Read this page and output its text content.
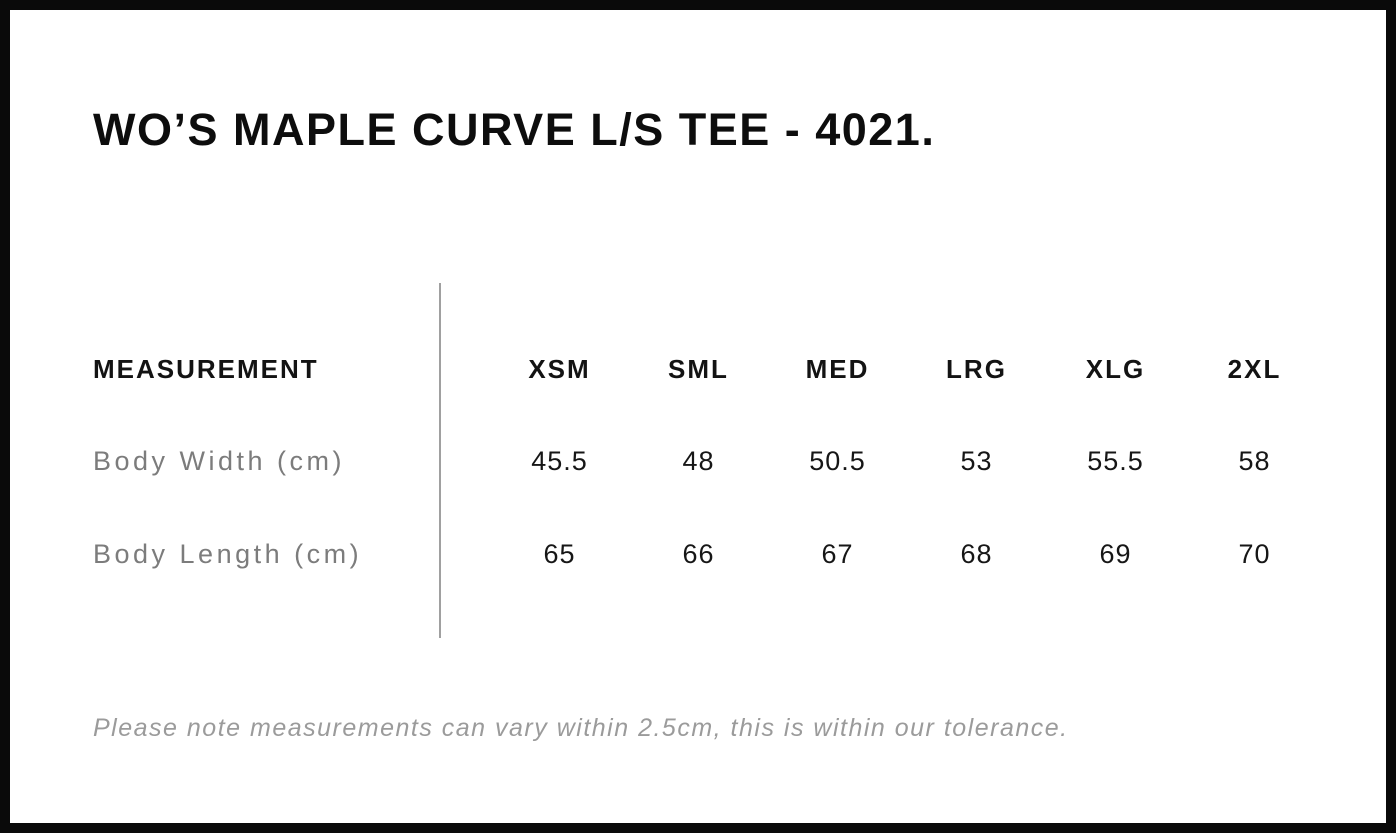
WO’S MAPLE CURVE L/S TEE - 4021.
MEASUREMENT	XSM	SML	MED	LRG	XLG	2XL
Body Width (cm)	45.5	48	50.5	53	55.5	58
Body Length (cm)	65	66	67	68	69	70

Please note measurements can vary within 2.5cm, this is within our tolerance.
